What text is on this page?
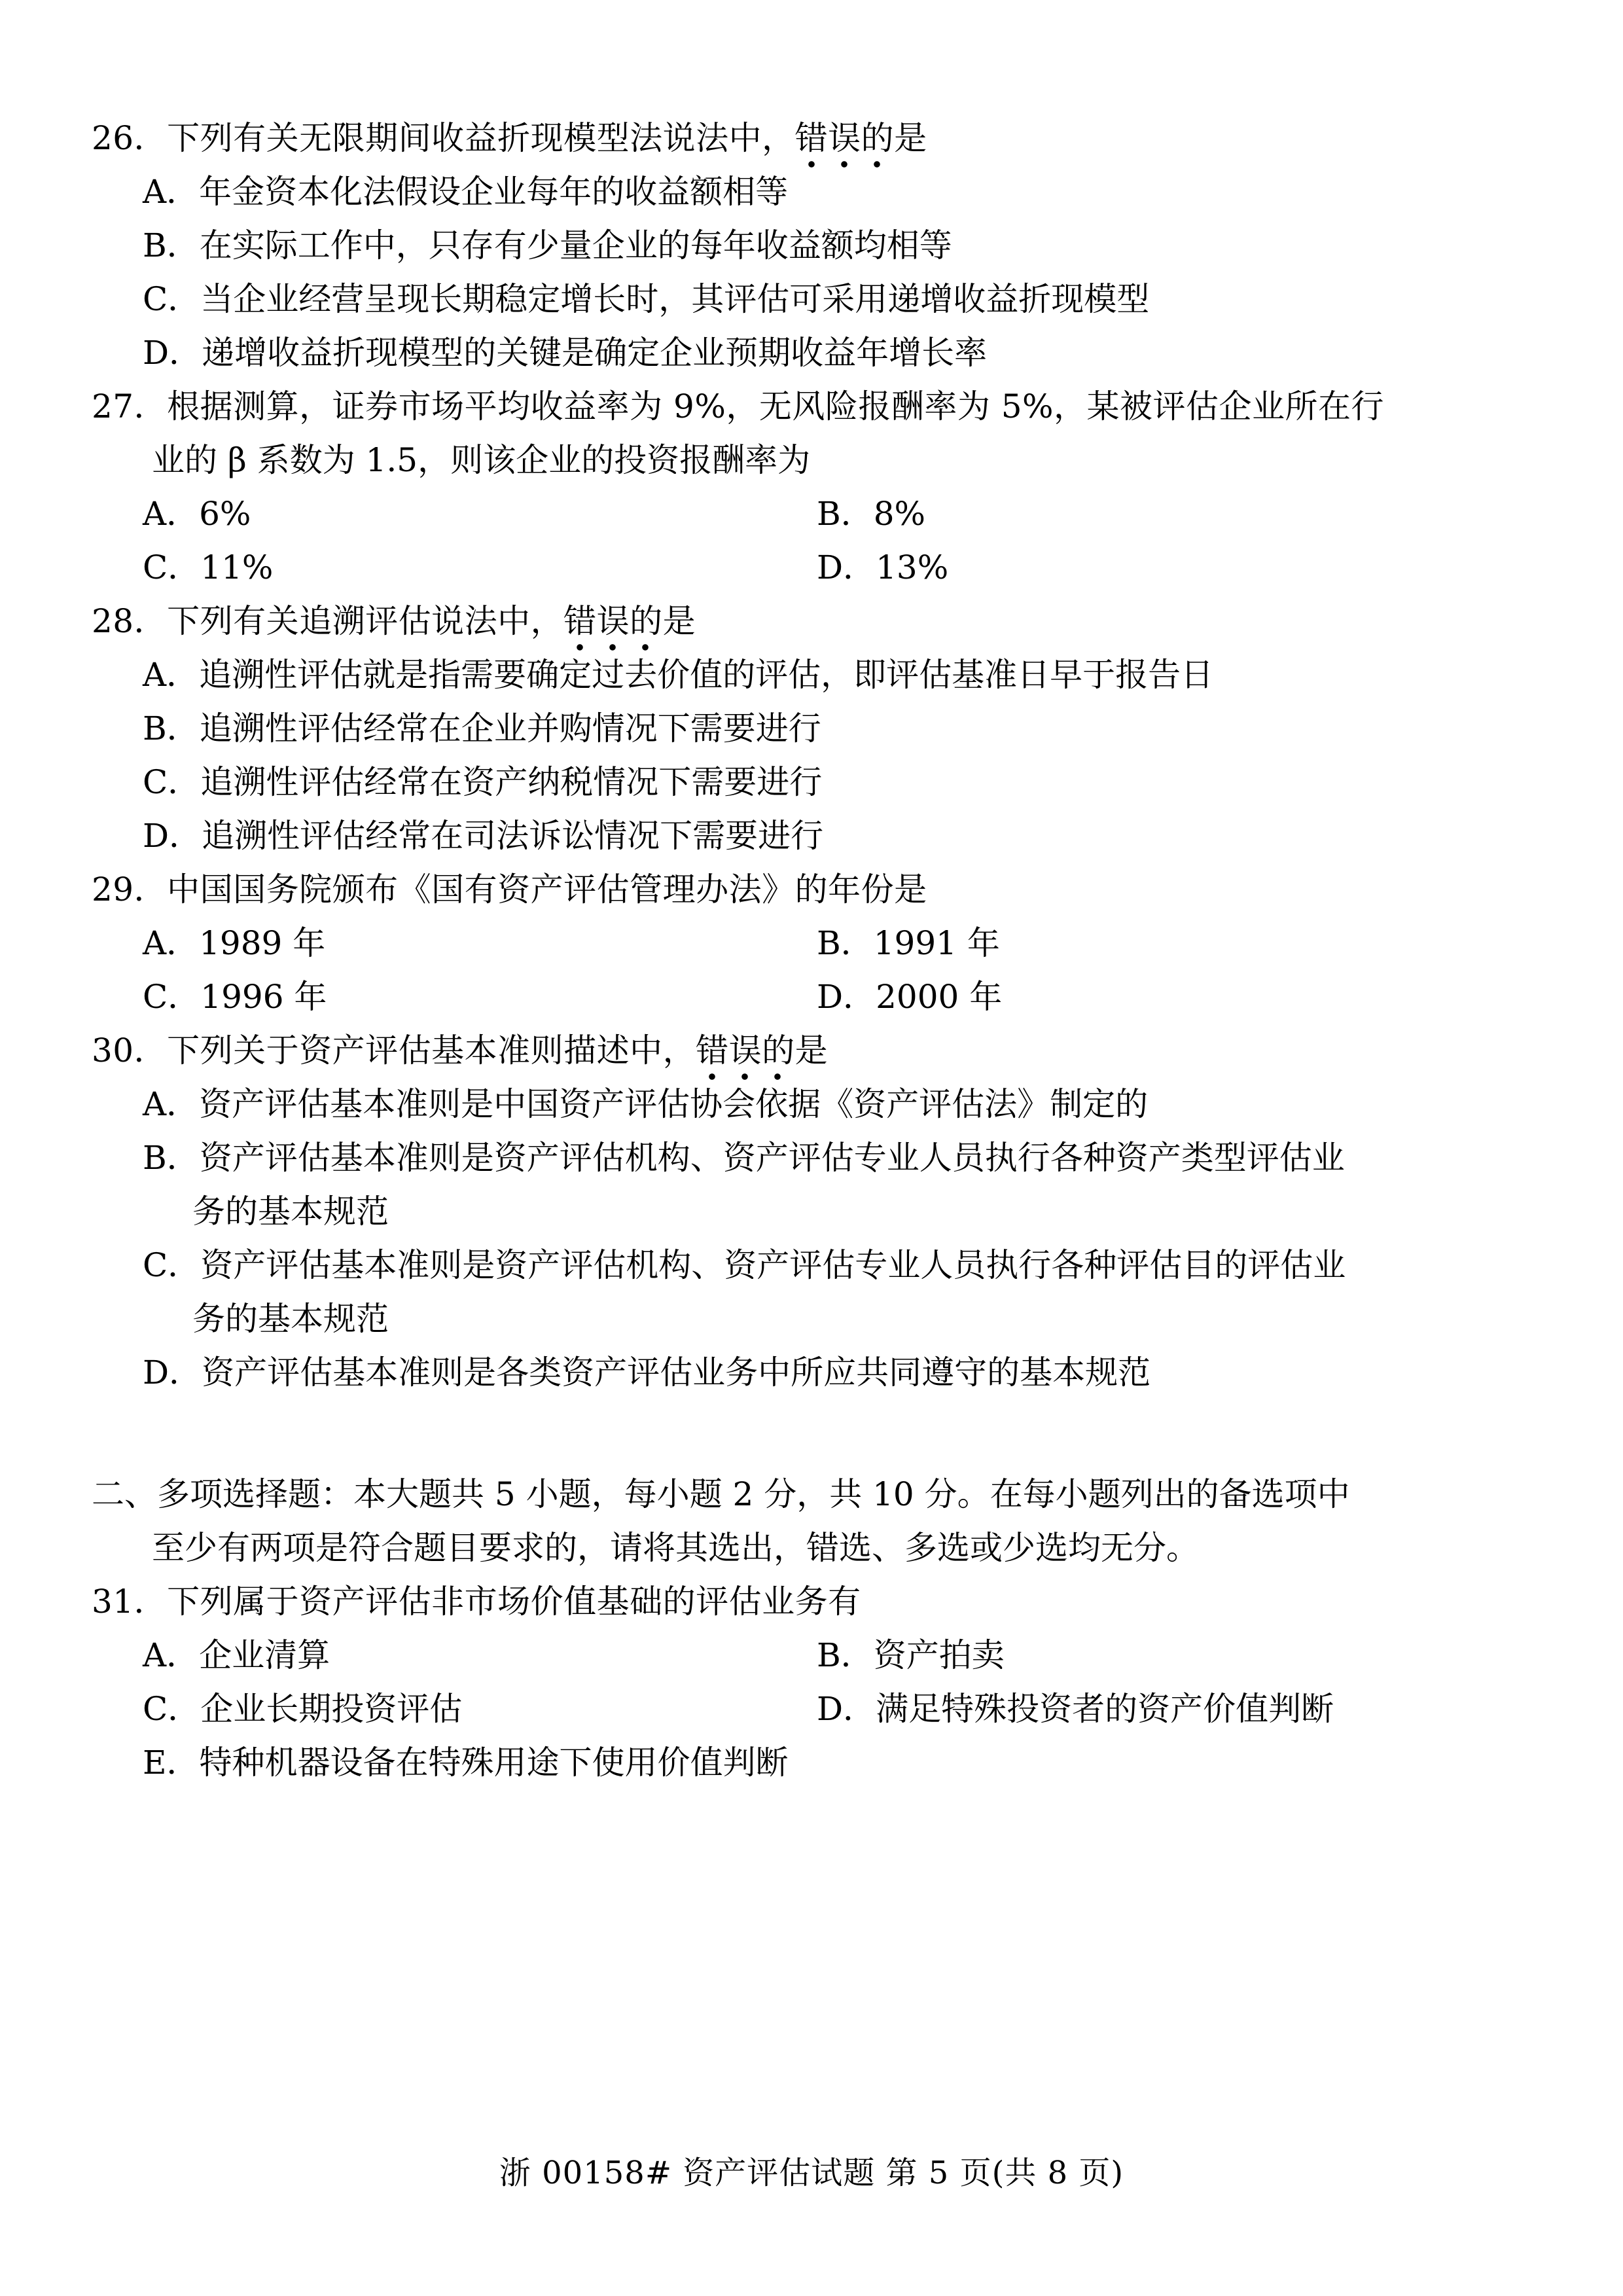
26． 下列有关无限期间收益折现模型法说法中，错误的是
A． 年金资本化法假设企业每年的收益额相等
B． 在实际工作中，只存有少量企业的每年收益额均相等
C． 当企业经营呈现长期稳定增长时，其评估可采用递增收益折现模型
D． 递增收益折现模型的关键是确定企业预期收益年增长率
27． 根据测算，证券市场平均收益率为 9%，无风险报酬率为 5%，某被评估企业所在行
业的 β 系数为 1.5，则该企业的投资报酬率为
A． 6%	B． 8%
C． 11%	D． 13%
28． 下列有关追溯评估说法中，错误的是
A． 追溯性评估就是指需要确定过去价值的评估，即评估基准日早于报告日
B． 追溯性评估经常在企业并购情况下需要进行
C． 追溯性评估经常在资产纳税情况下需要进行
D． 追溯性评估经常在司法诉讼情况下需要进行
29． 中国国务院颁布《国有资产评估管理办法》的年份是
A． 1989 年	B． 1991 年
C． 1996 年	D． 2000 年
30． 下列关于资产评估基本准则描述中，错误的是
A． 资产评估基本准则是中国资产评估协会依据《资产评估法》制定的
B． 资产评估基本准则是资产评估机构、资产评估专业人员执行各种资产类型评估业
务的基本规范
C． 资产评估基本准则是资产评估机构、资产评估专业人员执行各种评估目的评估业
务的基本规范
D． 资产评估基本准则是各类资产评估业务中所应共同遵守的基本规范
二、 多项选择题：本大题共 5 小题，每小题 2 分，共 10 分。在每小题列出的备选项中
至少有两项是符合题目要求的，请将其选出，错选、多选或少选均无分。
31． 下列属于资产评估非市场价值基础的评估业务有
A． 企业清算	B． 资产拍卖
C． 企业长期投资评估	D． 满足特殊投资者的资产价值判断
E． 特种机器设备在特殊用途下使用价值判断
浙 00158# 资产评估试题 第 5 页(共 8 页)
